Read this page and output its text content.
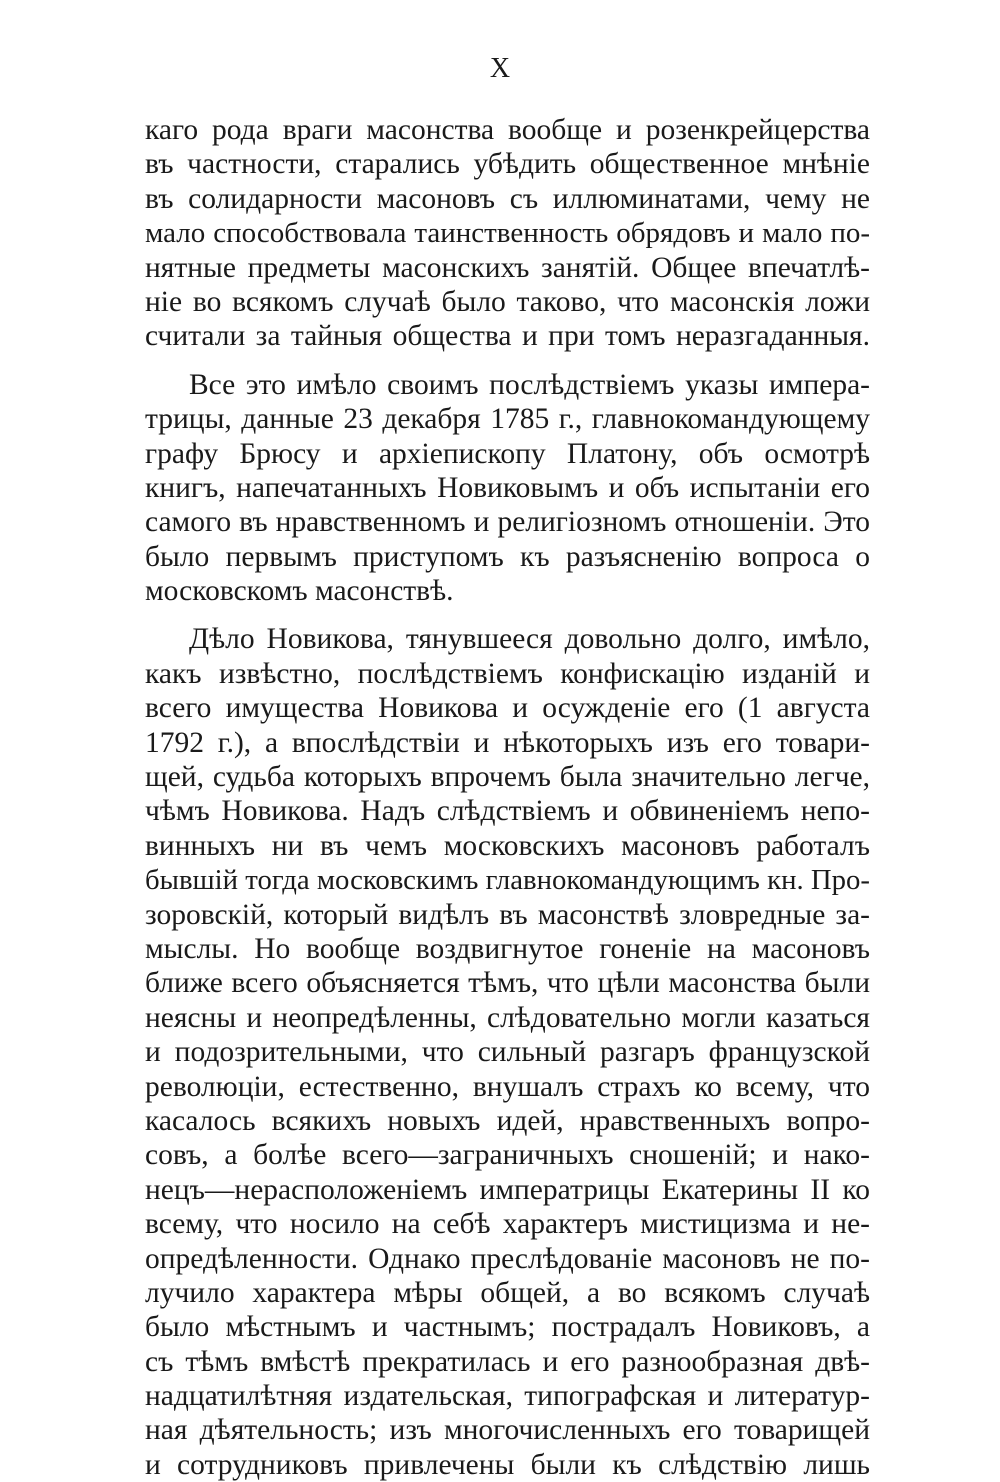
X
каго рода враги масонства вообще и розенкрейцерства
въ частности, старались убѣдить общественное мнѣніе
въ солидарности масоновъ съ иллюминатами, чему не
мало способствовала таинственность обрядовъ и мало по-
нятные предметы масонскихъ занятій. Общее впечатлѣ-
ніе во всякомъ случаѣ было таково, что масонскія ложи
считали за тайныя общества и при томъ неразгаданныя.
Все это имѣло своимъ послѣдствіемъ указы импера-
трицы, данные 23 декабря 1785 г., главнокомандующему
графу Брюсу и архіепископу Платону, объ осмотрѣ
книгъ, напечатанныхъ Новиковымъ и объ испытаніи его
самого въ нравственномъ и религіозномъ отношеніи. Это
было первымъ приступомъ къ разъясненію вопроса о
московскомъ масонствѣ.
Дѣло Новикова, тянувшееся довольно долго, имѣло,
какъ извѣстно, послѣдствіемъ конфискацію изданій и
всего имущества Новикова и осужденіе его (1 августа
1792 г.), а впослѣдствіи и нѣкоторыхъ изъ его товари-
щей, судьба которыхъ впрочемъ была значительно легче,
чѣмъ Новикова. Надъ слѣдствіемъ и обвиненіемъ непо-
винныхъ ни въ чемъ московскихъ масоновъ работалъ
бывшій тогда московскимъ главнокомандующимъ кн. Про-
зоровскій, который видѣлъ въ масонствѣ зловредные за-
мыслы. Но вообще воздвигнутое гоненіе на масоновъ
ближе всего объясняется тѣмъ, что цѣли масонства были
неясны и неопредѣленны, слѣдовательно могли казаться
и подозрительными, что сильный разгаръ французской
революціи, естественно, внушалъ страхъ ко всему, что
касалось всякихъ новыхъ идей, нравственныхъ вопро-
совъ, а болѣе всего—заграничныхъ сношеній; и нако-
нецъ—нерасположеніемъ императрицы Екатерины II ко
всему, что носило на себѣ характеръ мистицизма и не-
опредѣленности. Однако преслѣдованіе масоновъ не по-
лучило характера мѣры общей, а во всякомъ случаѣ
было мѣстнымъ и частнымъ; пострадалъ Новиковъ, а
съ тѣмъ вмѣстѣ прекратилась и его разнообразная двѣ-
надцатилѣтняя издательская, типографская и литератур-
ная дѣятельность; изъ многочисленныхъ его товарищей
и сотрудниковъ привлечены были къ слѣдствію лишь
